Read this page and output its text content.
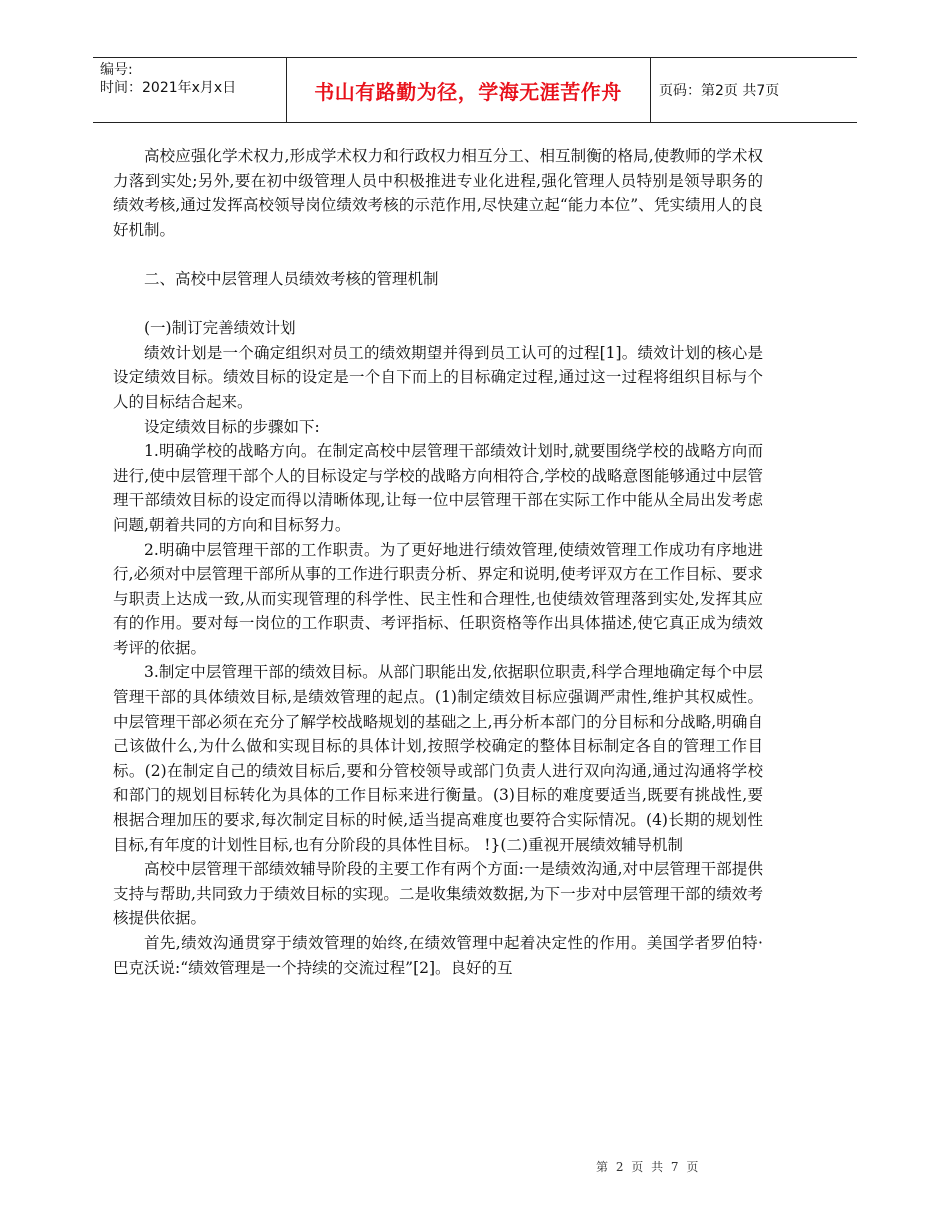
编号:
时间：2021年x月x日	书山有路勤为径，学海无涯苦作舟	页码：第2页 共7页

高校应强化学术权力,形成学术权力和行政权力相互分工、相互制衡的格局,使教师的学术权力落到实处;另外,要在初中级管理人员中积极推进专业化进程,强化管理人员特别是领导职务的绩效考核,通过发挥高校领导岗位绩效考核的示范作用,尽快建立起“能力本位”、凭实绩用人的良好机制。

二、高校中层管理人员绩效考核的管理机制

(一)制订完善绩效计划

绩效计划是一个确定组织对员工的绩效期望并得到员工认可的过程[1]。绩效计划的核心是设定绩效目标。绩效目标的设定是一个自下而上的目标确定过程,通过这一过程将组织目标与个人的目标结合起来。

设定绩效目标的步骤如下:

1.明确学校的战略方向。在制定高校中层管理干部绩效计划时,就要围绕学校的战略方向而进行,使中层管理干部个人的目标设定与学校的战略方向相符合,学校的战略意图能够通过中层管理干部绩效目标的设定而得以清晰体现,让每一位中层管理干部在实际工作中能从全局出发考虑问题,朝着共同的方向和目标努力。

2.明确中层管理干部的工作职责。为了更好地进行绩效管理,使绩效管理工作成功有序地进行,必须对中层管理干部所从事的工作进行职责分析、界定和说明,使考评双方在工作目标、要求与职责上达成一致,从而实现管理的科学性、民主性和合理性,也使绩效管理落到实处,发挥其应有的作用。要对每一岗位的工作职责、考评指标、任职资格等作出具体描述,使它真正成为绩效考评的依据。

3.制定中层管理干部的绩效目标。从部门职能出发,依据职位职责,科学合理地确定每个中层管理干部的具体绩效目标,是绩效管理的起点。(1)制定绩效目标应强调严肃性,维护其权威性。中层管理干部必须在充分了解学校战略规划的基础之上,再分析本部门的分目标和分战略,明确自己该做什么,为什么做和实现目标的具体计划,按照学校确定的整体目标制定各自的管理工作目标。(2)在制定自己的绩效目标后,要和分管校领导或部门负责人进行双向沟通,通过沟通将学校和部门的规划目标转化为具体的工作目标来进行衡量。(3)目标的难度要适当,既要有挑战性,要根据合理加压的要求,每次制定目标的时候,适当提高难度也要符合实际情况。(4)长期的规划性目标,有年度的计划性目标,也有分阶段的具体性目标。 !}(二)重视开展绩效辅导机制

高校中层管理干部绩效辅导阶段的主要工作有两个方面:一是绩效沟通,对中层管理干部提供支持与帮助,共同致力于绩效目标的实现。二是收集绩效数据,为下一步对中层管理干部的绩效考核提供依据。

首先,绩效沟通贯穿于绩效管理的始终,在绩效管理中起着决定性的作用。美国学者罗伯特·巴克沃说:“绩效管理是一个持续的交流过程”[2]。良好的互

第 2 页 共 7 页
